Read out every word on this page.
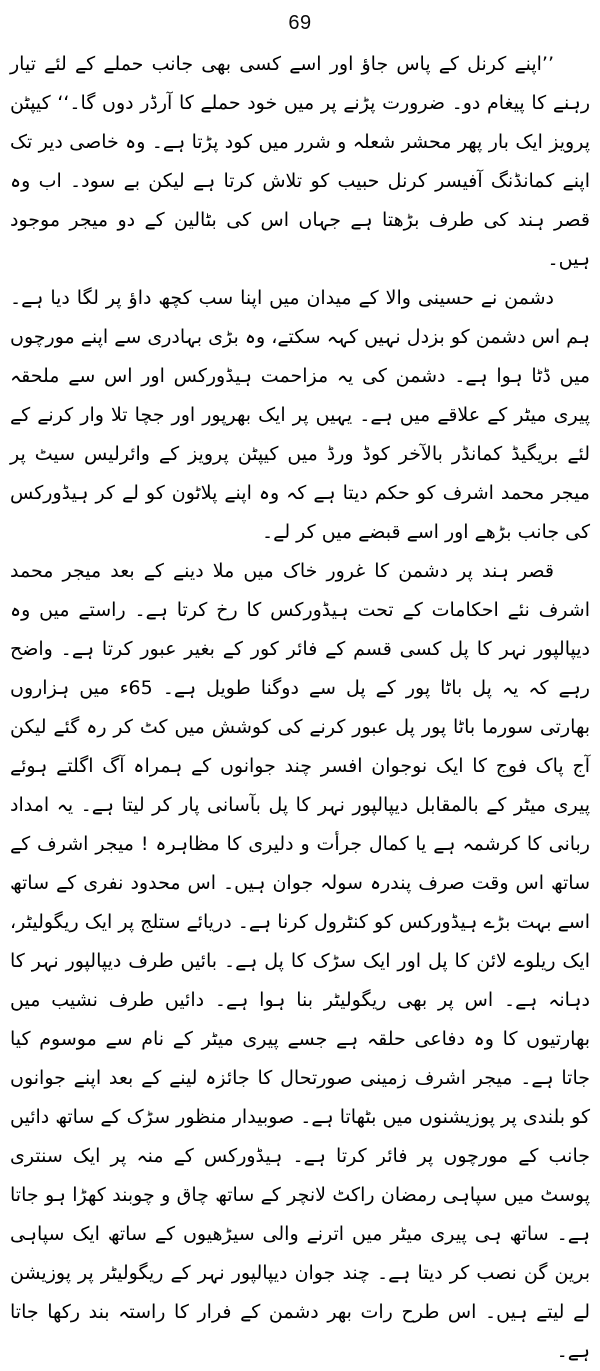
69

’’اپنے کرنل کے پاس جاؤ اور اسے کسی بھی جانب حملے کے لئے تیار رہنے کا پیغام دو۔ ضرورت پڑنے پر میں خود حملے کا آرڈر دوں گا۔‘‘ کیپٹن پرویز ایک بار پھر محشر شعلہ و شرر میں کود پڑتا ہے۔ وہ خاصی دیر تک اپنے کمانڈنگ آفیسر کرنل حبیب کو تلاش کرتا ہے لیکن بے سود۔ اب وہ قصر ہند کی طرف بڑھتا ہے جہاں اس کی بٹالین کے دو میجر موجود ہیں۔

دشمن نے حسینی والا کے میدان میں اپنا سب کچھ داؤ پر لگا دیا ہے۔ ہم اس دشمن کو بزدل نہیں کہہ سکتے، وہ بڑی بہادری سے اپنے مورچوں میں ڈٹا ہوا ہے۔ دشمن کی یہ مزاحمت ہیڈورکس اور اس سے ملحقہ پیری میٹر کے علاقے میں ہے۔ یہیں پر ایک بھرپور اور جچا تلا وار کرنے کے لئے بریگیڈ کمانڈر بالآخر کوڈ ورڈ میں کیپٹن پرویز کے وائرلیس سیٹ پر میجر محمد اشرف کو حکم دیتا ہے کہ وہ اپنے پلاٹون کو لے کر ہیڈورکس کی جانب بڑھے اور اسے قبضے میں کر لے۔

قصر ہند پر دشمن کا غرور خاک میں ملا دینے کے بعد میجر محمد اشرف نئے احکامات کے تحت ہیڈورکس کا رخ کرتا ہے۔ راستے میں وہ دیپالپور نہر کا پل کسی قسم کے فائر کور کے بغیر عبور کرتا ہے۔ واضح رہے کہ یہ پل باٹا پور کے پل سے دوگنا طویل ہے۔ 65ء میں ہزاروں بھارتی سورما باٹا پور پل عبور کرنے کی کوشش میں کٹ کر رہ گئے لیکن آج پاک فوج کا ایک نوجوان افسر چند جوانوں کے ہمراہ آگ اگلتے ہوئے پیری میٹر کے بالمقابل دیپالپور نہر کا پل بآسانی پار کر لیتا ہے۔ یہ امداد ربانی کا کرشمہ ہے یا کمال جرأت و دلیری کا مظاہرہ ! میجر اشرف کے ساتھ اس وقت صرف پندرہ سولہ جوان ہیں۔ اس محدود نفری کے ساتھ اسے بہت بڑے ہیڈورکس کو کنٹرول کرنا ہے۔ دریائے ستلج پر ایک ریگولیٹر، ایک ریلوے لائن کا پل اور ایک سڑک کا پل ہے۔ بائیں طرف دیپالپور نہر کا دہانہ ہے۔ اس پر بھی ریگولیٹر بنا ہوا ہے۔ دائیں طرف نشیب میں بھارتیوں کا وہ دفاعی حلقہ ہے جسے پیری میٹر کے نام سے موسوم کیا جاتا ہے۔ میجر اشرف زمینی صورتحال کا جائزہ لینے کے بعد اپنے جوانوں کو بلندی پر پوزیشنوں میں بٹھاتا ہے۔ صوبیدار منظور سڑک کے ساتھ دائیں جانب کے مورچوں پر فائر کرتا ہے۔ ہیڈورکس کے منہ پر ایک سنتری پوسٹ میں سپاہی رمضان راکٹ لانچر کے ساتھ چاق و چوبند کھڑا ہو جاتا ہے۔ ساتھ ہی پیری میٹر میں اترنے والی سیڑھیوں کے ساتھ ایک سپاہی برین گن نصب کر دیتا ہے۔ چند جوان دیپالپور نہر کے ریگولیٹر پر پوزیشن لے لیتے ہیں۔ اس طرح رات بھر دشمن کے فرار کا راستہ بند رکھا جاتا ہے۔
